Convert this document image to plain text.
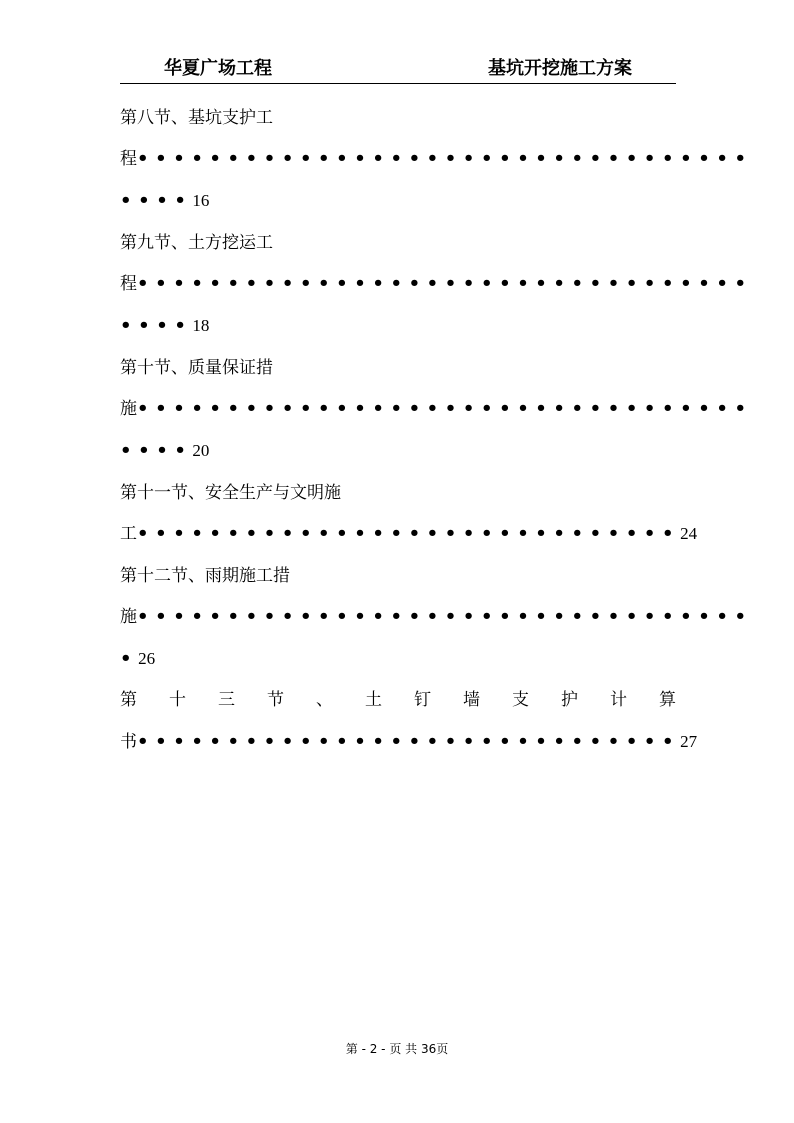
华夏广场工程	基坑开挖施工方案
第八节、基坑支护工
程••••••••••••••••••••••••••••••••••
••••16
第九节、土方挖运工
程••••••••••••••••••••••••••••••••••
••••18
第十节、质量保证措
施••••••••••••••••••••••••••••••••••
••••20
第十一节、安全生产与文明施
工••••••••••••••••••••••••••••••24
第十二节、雨期施工措
施••••••••••••••••••••••••••••••••••
•26
第 十 三 节 、 土 钉 墙 支 护 计 算
书••••••••••••••••••••••••••••••27
第 - 2 - 页 共 36页
